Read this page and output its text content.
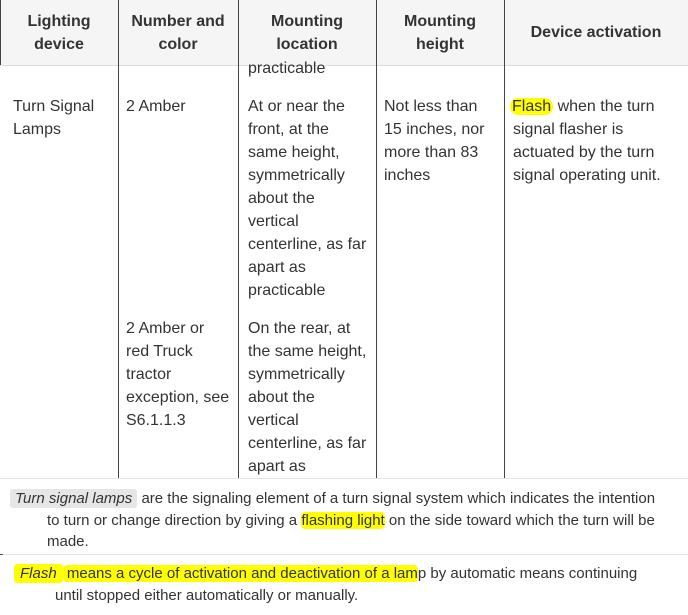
Lighting
device
Number and
color
Mounting
location
Mounting
height
Device activation
practicable
Turn Signal
Lamps
2 Amber	At or near the
front, at the
same height,
symmetrically
about the
vertical
centerline, as far
apart as
practicable
Not less than
15 inches, nor
more than 83
inches
Flash when the turn
signal flasher is
actuated by the turn
signal operating unit.
2 Amber or
red Truck
tractor
exception, see
S6.1.1.3
On the rear, at
the same height,
symmetrically
about the
vertical
centerline, as far
apart as
Turn signal lamps are the signaling element of a turn signal system which indicates the intention
to turn or change direction by giving a flashing light on the side toward which the turn will be
made.
Flash means a cycle of activation and deactivation of a lamp by automatic means continuing
until stopped either automatically or manually.
